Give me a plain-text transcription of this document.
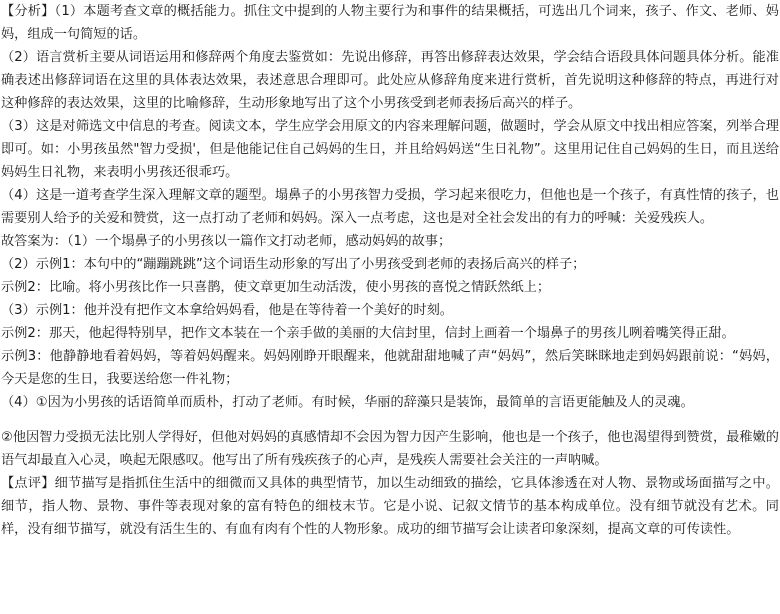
【分析】（1）本题考查文章的概括能力。抓住文中提到的人物主要行为和事件的结果概括，可选出几个词来，孩子、作文、老师、妈妈，组成一句简短的话。

（2）语言赏析主要从词语运用和修辞两个角度去鉴赏如：先说出修辞，再答出修辞表达效果，学会结合语段具体问题具体分析。能准确表述出修辞词语在这里的具体表达效果，表述意思合理即可。此处应从修辞角度来进行赏析，首先说明这种修辞的特点，再进行对这种修辞的表达效果，这里的比喻修辞，生动形象地写出了这个小男孩受到老师表扬后高兴的样子。

（3）这是对筛选文中信息的考查。阅读文本，学生应学会用原文的内容来理解问题，做题时，学会从原文中找出相应答案，列举合理即可。如：小男孩虽然"智力受损'，但是他能记住自己妈妈的生日，并且给妈妈送“生日礼物”。这里用记住自己妈妈的生日，而且送给妈妈生日礼物，来表明小男孩还很乖巧。

（4）这是一道考查学生深入理解文章的题型。塌鼻子的小男孩智力受损，学习起来很吃力，但他也是一个孩子，有真性情的孩子，也需要别人给予的关爱和赞赏，这一点打动了老师和妈妈。深入一点考虑，这也是对全社会发出的有力的呼喊：关爱残疾人。

故答案为：（1）一个塌鼻子的小男孩以一篇作文打动老师，感动妈妈的故事；

（2）示例1：本句中的“蹦蹦跳跳”这个词语生动形象的写出了小男孩受到老师的表扬后高兴的样子；

示例2：比喻。将小男孩比作一只喜鹊，使文章更加生动活泼，使小男孩的喜悦之情跃然纸上；

（3）示例1：他并没有把作文本拿给妈妈看，他是在等待着一个美好的时刻。

示例2：那天，他起得特别早，把作文本装在一个亲手做的美丽的大信封里，信封上画着一个塌鼻子的男孩儿咧着嘴笑得正甜。

示例3：他静静地看着妈妈，等着妈妈醒来。妈妈刚睁开眼醒来，他就甜甜地喊了声“妈妈”，然后笑眯眯地走到妈妈跟前说：“妈妈，今天是您的生日，我要送给您一件礼物；

（4）①因为小男孩的话语简单而质朴，打动了老师。有时候，华丽的辞藻只是装饰，最简单的言语更能触及人的灵魂。

②他因智力受损无法比别人学得好，但他对妈妈的真感情却不会因为智力因产生影响，他也是一个孩子，他也渴望得到赞赏，最稚嫩的语气却最直入心灵，唤起无限感叹。他写出了所有残疾孩子的心声，是残疾人需要社会关注的一声呐喊。

【点评】细节描写是指抓住生活中的细微而又具体的典型情节，加以生动细致的描绘，它具体渗透在对人物、景物或场面描写之中。细节，指人物、景物、事件等表现对象的富有特色的细枝末节。它是小说、记叙文情节的基本构成单位。没有细节就没有艺术。同样，没有细节描写，就没有活生生的、有血有肉有个性的人物形象。成功的细节描写会让读者印象深刻，提高文章的可传读性。
